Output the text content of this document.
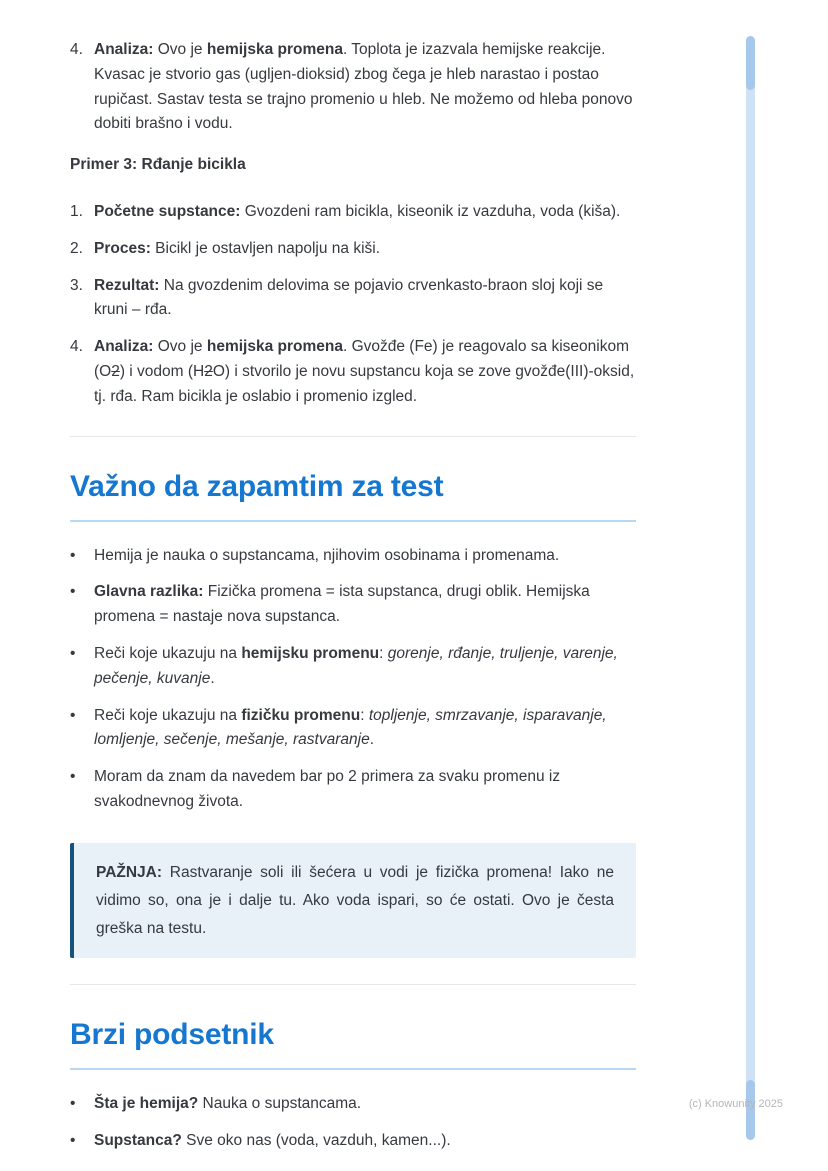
4. Analiza: Ovo je hemijska promena. Toplota je izazvala hemijske reakcije. Kvasac je stvorio gas (ugljen-dioksid) zbog čega je hleb narastao i postao rupičast. Sastav testa se trajno promenio u hleb. Ne možemo od hleba ponovo dobiti brašno i vodu.
Primer 3: Rđanje bicikla
1. Početne supstance: Gvozdeni ram bicikla, kiseonik iz vazduha, voda (kiša).
2. Proces: Bicikl je ostavljen napolju na kiši.
3. Rezultat: Na gvozdenim delovima se pojavio crvenkasto-braon sloj koji se kruni – rđa.
4. Analiza: Ovo je hemijska promena. Gvožđe (Fe) je reagovalo sa kiseonikom (O2) i vodom (H2O) i stvorilo je novu supstancu koja se zove gvožđe(III)-oksid, tj. rđa. Ram bicikla je oslabio i promenio izgled.
Važno da zapamtim za test
• Hemija je nauka o supstancama, njihovim osobinama i promenama.
• Glavna razlika: Fizička promena = ista supstanca, drugi oblik. Hemijska promena = nastaje nova supstanca.
• Reči koje ukazuju na hemijsku promenu: gorenje, rđanje, truljenje, varenje, pečenje, kuvanje.
• Reči koje ukazuju na fizičku promenu: topljenje, smrzavanje, isparavanje, lomljenje, sečenje, mešanje, rastvaranje.
• Moram da znam da navedem bar po 2 primera za svaku promenu iz svakodnevnog života.
PAŽNJA: Rastvaranje soli ili šećera u vodi je fizička promena! Iako ne vidimo so, ona je i dalje tu. Ako voda ispari, so će ostati. Ovo je česta greška na testu.
Brzi podsetnik
• Šta je hemija? Nauka o supstancama.
• Supstanca? Sve oko nas (voda, vazduh, kamen...).
(c) Knowunity 2025
